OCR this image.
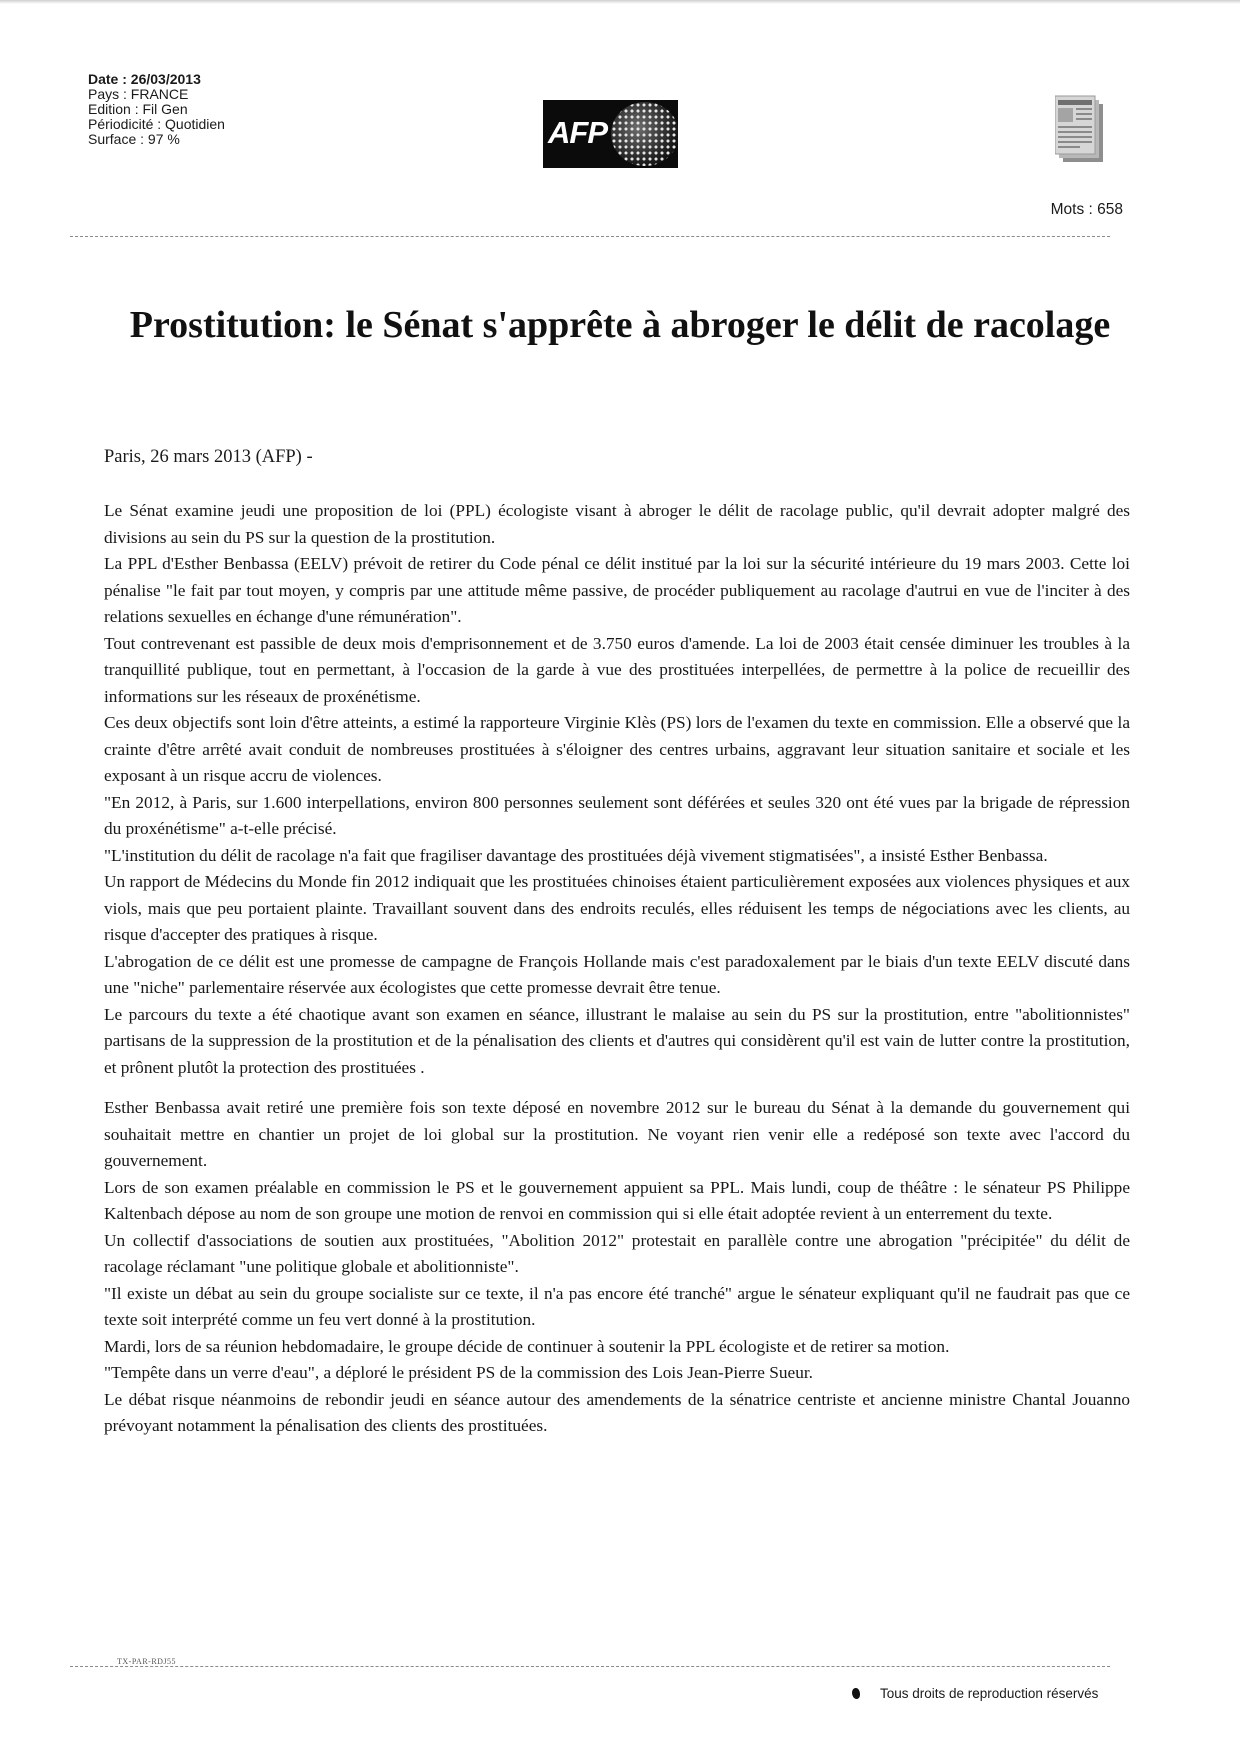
Date : 26/03/2013
Pays : FRANCE
Edition : Fil Gen
Périodicité : Quotidien
Surface : 97 %	AFP
Mots : 658
Prostitution: le Sénat s'apprête à abroger le délit de racolage
Paris, 26 mars 2013 (AFP) -

Le Sénat examine jeudi une proposition de loi (PPL) écologiste visant à abroger le délit de racolage public, qu'il devrait adopter malgré des divisions au sein du PS sur la question de la prostitution.

La PPL d'Esther Benbassa (EELV) prévoit de retirer du Code pénal ce délit institué par la loi sur la sécurité intérieure du 19 mars 2003. Cette loi pénalise "le fait par tout moyen, y compris par une attitude même passive, de procéder publiquement au racolage d'autrui en vue de l'inciter à des relations sexuelles en échange d'une rémunération".

Tout contrevenant est passible de deux mois d'emprisonnement et de 3.750 euros d'amende. La loi de 2003 était censée diminuer les troubles à la tranquillité publique, tout en permettant, à l'occasion de la garde à vue des prostituées interpellées, de permettre à la police de recueillir des informations sur les réseaux de proxénétisme.

Ces deux objectifs sont loin d'être atteints, a estimé la rapporteure Virginie Klès (PS) lors de l'examen du texte en commission. Elle a observé que la crainte d'être arrêté avait conduit de nombreuses prostituées à s'éloigner des centres urbains, aggravant leur situation sanitaire et sociale et les exposant à un risque accru de violences.

"En 2012, à Paris, sur 1.600 interpellations, environ 800 personnes seulement sont déférées et seules 320 ont été vues par la brigade de répression du proxénétisme" a-t-elle précisé.

"L'institution du délit de racolage n'a fait que fragiliser davantage des prostituées déjà vivement stigmatisées", a insisté Esther Benbassa.

Un rapport de Médecins du Monde fin 2012 indiquait que les prostituées chinoises étaient particulièrement exposées aux violences physiques et aux viols, mais que peu portaient plainte. Travaillant souvent dans des endroits reculés, elles réduisent les temps de négociations avec les clients, au risque d'accepter des pratiques à risque.

L'abrogation de ce délit est une promesse de campagne de François Hollande mais c'est paradoxalement par le biais d'un texte EELV discuté dans une "niche" parlementaire réservée aux écologistes que cette promesse devrait être tenue.

Le parcours du texte a été chaotique avant son examen en séance, illustrant le malaise au sein du PS sur la prostitution, entre "abolitionnistes" partisans de la suppression de la prostitution et de la pénalisation des clients et d'autres qui considèrent qu'il est vain de lutter contre la prostitution, et prônent plutôt la protection des prostituées .

Esther Benbassa avait retiré une première fois son texte déposé en novembre 2012 sur le bureau du Sénat à la demande du gouvernement qui souhaitait mettre en chantier un projet de loi global sur la prostitution. Ne voyant rien venir elle a redéposé son texte avec l'accord du gouvernement.

Lors de son examen préalable en commission le PS et le gouvernement appuient sa PPL. Mais lundi, coup de théâtre : le sénateur PS Philippe Kaltenbach dépose au nom de son groupe une motion de renvoi en commission qui si elle était adoptée revient à un enterrement du texte.

Un collectif d'associations de soutien aux prostituées, "Abolition 2012" protestait en parallèle contre une abrogation "précipitée" du délit de racolage réclamant "une politique globale et abolitionniste".

"Il existe un débat au sein du groupe socialiste sur ce texte, il n'a pas encore été tranché" argue le sénateur expliquant qu'il ne faudrait pas que ce texte soit interprété comme un feu vert donné à la prostitution.

Mardi, lors de sa réunion hebdomadaire, le groupe décide de continuer à soutenir la PPL écologiste et de retirer sa motion.

"Tempête dans un verre d'eau", a déploré le président PS de la commission des Lois Jean-Pierre Sueur.

Le débat risque néanmoins de rebondir jeudi en séance autour des amendements de la sénatrice centriste et ancienne ministre Chantal Jouanno prévoyant notamment la pénalisation des clients des prostituées.

TX-PAR-RDJ55
Tous droits de reproduction réservés
